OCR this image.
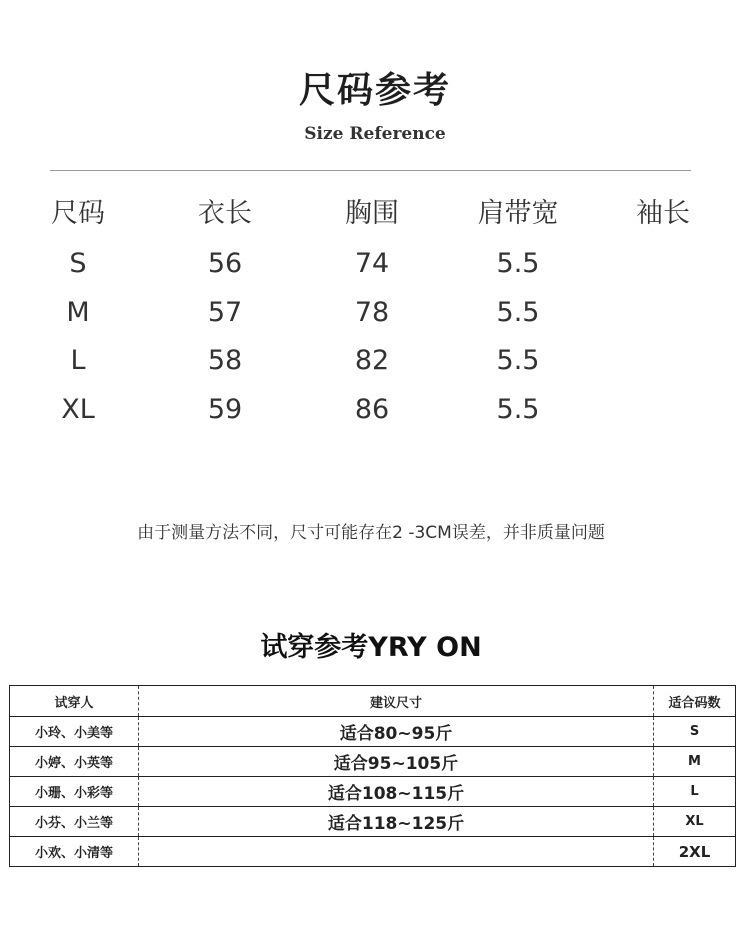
尺码参考
Size Reference
尺码	衣长	胸围	肩带宽	袖长
S	56	74	5.5
M	57	78	5.5
L	58	82	5.5
XL	59	86	5.5
由于测量方法不同，尺寸可能存在2 -3CM误差，并非质量问题
试穿参考YRY ON
试穿人	建议尺寸	适合码数
小玲、小美等	适合80~95斤	S
小婷、小英等	适合95~105斤	M
小珊、小彩等	适合108~115斤	L
小芬、小兰等	适合118~125斤	XL
小欢、小清等		2XL
